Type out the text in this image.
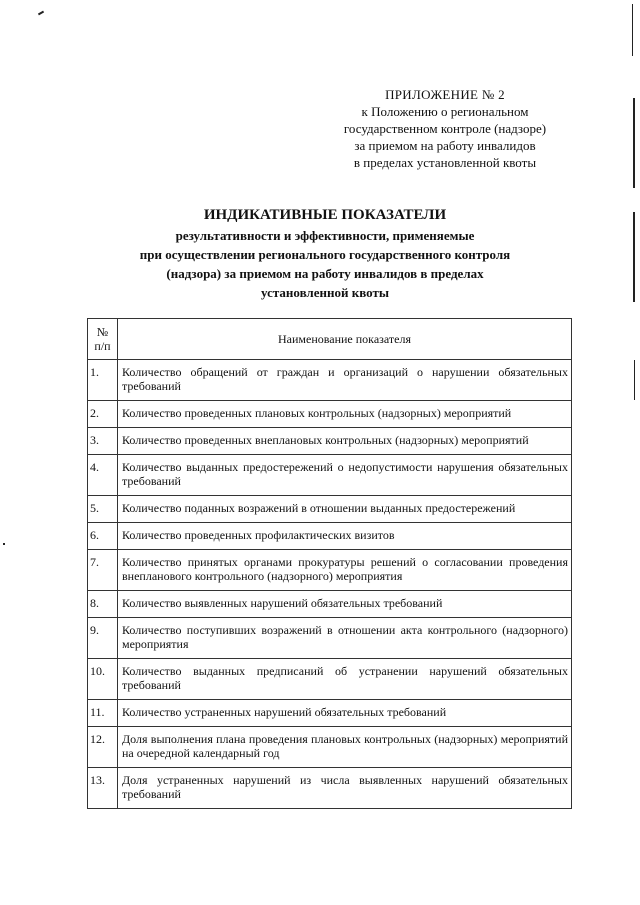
ПРИЛОЖЕНИЕ № 2
к Положению о региональном
государственном контроле (надзоре)
за приемом на работу инвалидов
в пределах установленной квоты
ИНДИКАТИВНЫЕ ПОКАЗАТЕЛИ
результативности и эффективности, применяемые
при осуществлении регионального государственного контроля
(надзора) за приемом на работу инвалидов в пределах
установленной квоты
№
п/п	Наименование показателя
1.	Количество обращений от граждан и организаций о нарушении обязательных требований
2.	Количество проведенных плановых контрольных (надзорных) мероприятий
3.	Количество проведенных внеплановых контрольных (надзорных) мероприятий
4.	Количество выданных предостережений о недопустимости нарушения обязательных требований
5.	Количество поданных возражений в отношении выданных предостережений
6.	Количество проведенных профилактических визитов
7.	Количество принятых органами прокуратуры решений о согласовании проведения внепланового контрольного (надзорного) мероприятия
8.	Количество выявленных нарушений обязательных требований
9.	Количество поступивших возражений в отношении акта контрольного (надзорного) мероприятия
10.	Количество выданных предписаний об устранении нарушений обязательных требований
11.	Количество устраненных нарушений обязательных требований
12.	Доля выполнения плана проведения плановых контрольных (надзорных) мероприятий на очередной календарный год
13.	Доля устраненных нарушений из числа выявленных нарушений обязательных требований
